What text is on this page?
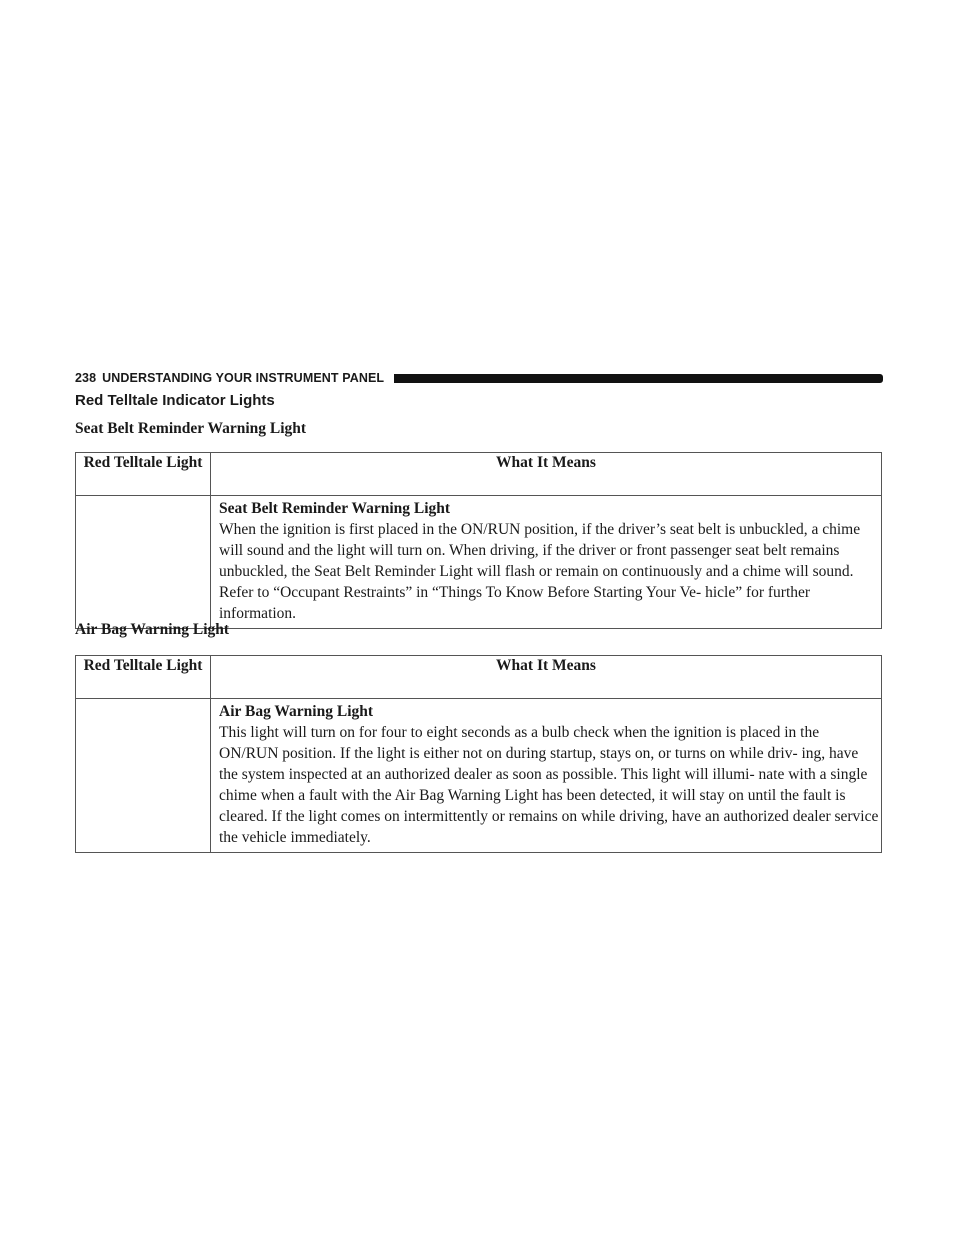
238 UNDERSTANDING YOUR INSTRUMENT PANEL
Red Telltale Indicator Lights
Seat Belt Reminder Warning Light
Red Telltale Light	What It Means

	Seat Belt Reminder Warning Light
When the ignition is first placed in the ON/RUN position, if the driver’s seat belt is unbuckled, a chime will sound and the light will turn on. When driving, if the driver or front passenger seat belt remains unbuckled, the Seat Belt Reminder Light will flash or remain on continuously and a chime will sound. Refer to “Occupant Restraints” in “Things To Know Before Starting Your Ve- hicle” for further information.
Air Bag Warning Light
Red Telltale Light	What It Means

	Air Bag Warning Light
This light will turn on for four to eight seconds as a bulb check when the ignition is placed in the ON/RUN position. If the light is either not on during startup, stays on, or turns on while driv- ing, have the system inspected at an authorized dealer as soon as possible. This light will illumi- nate with a single chime when a fault with the Air Bag Warning Light has been detected, it will stay on until the fault is cleared. If the light comes on intermittently or remains on while driving, have an authorized dealer service the vehicle immediately.
